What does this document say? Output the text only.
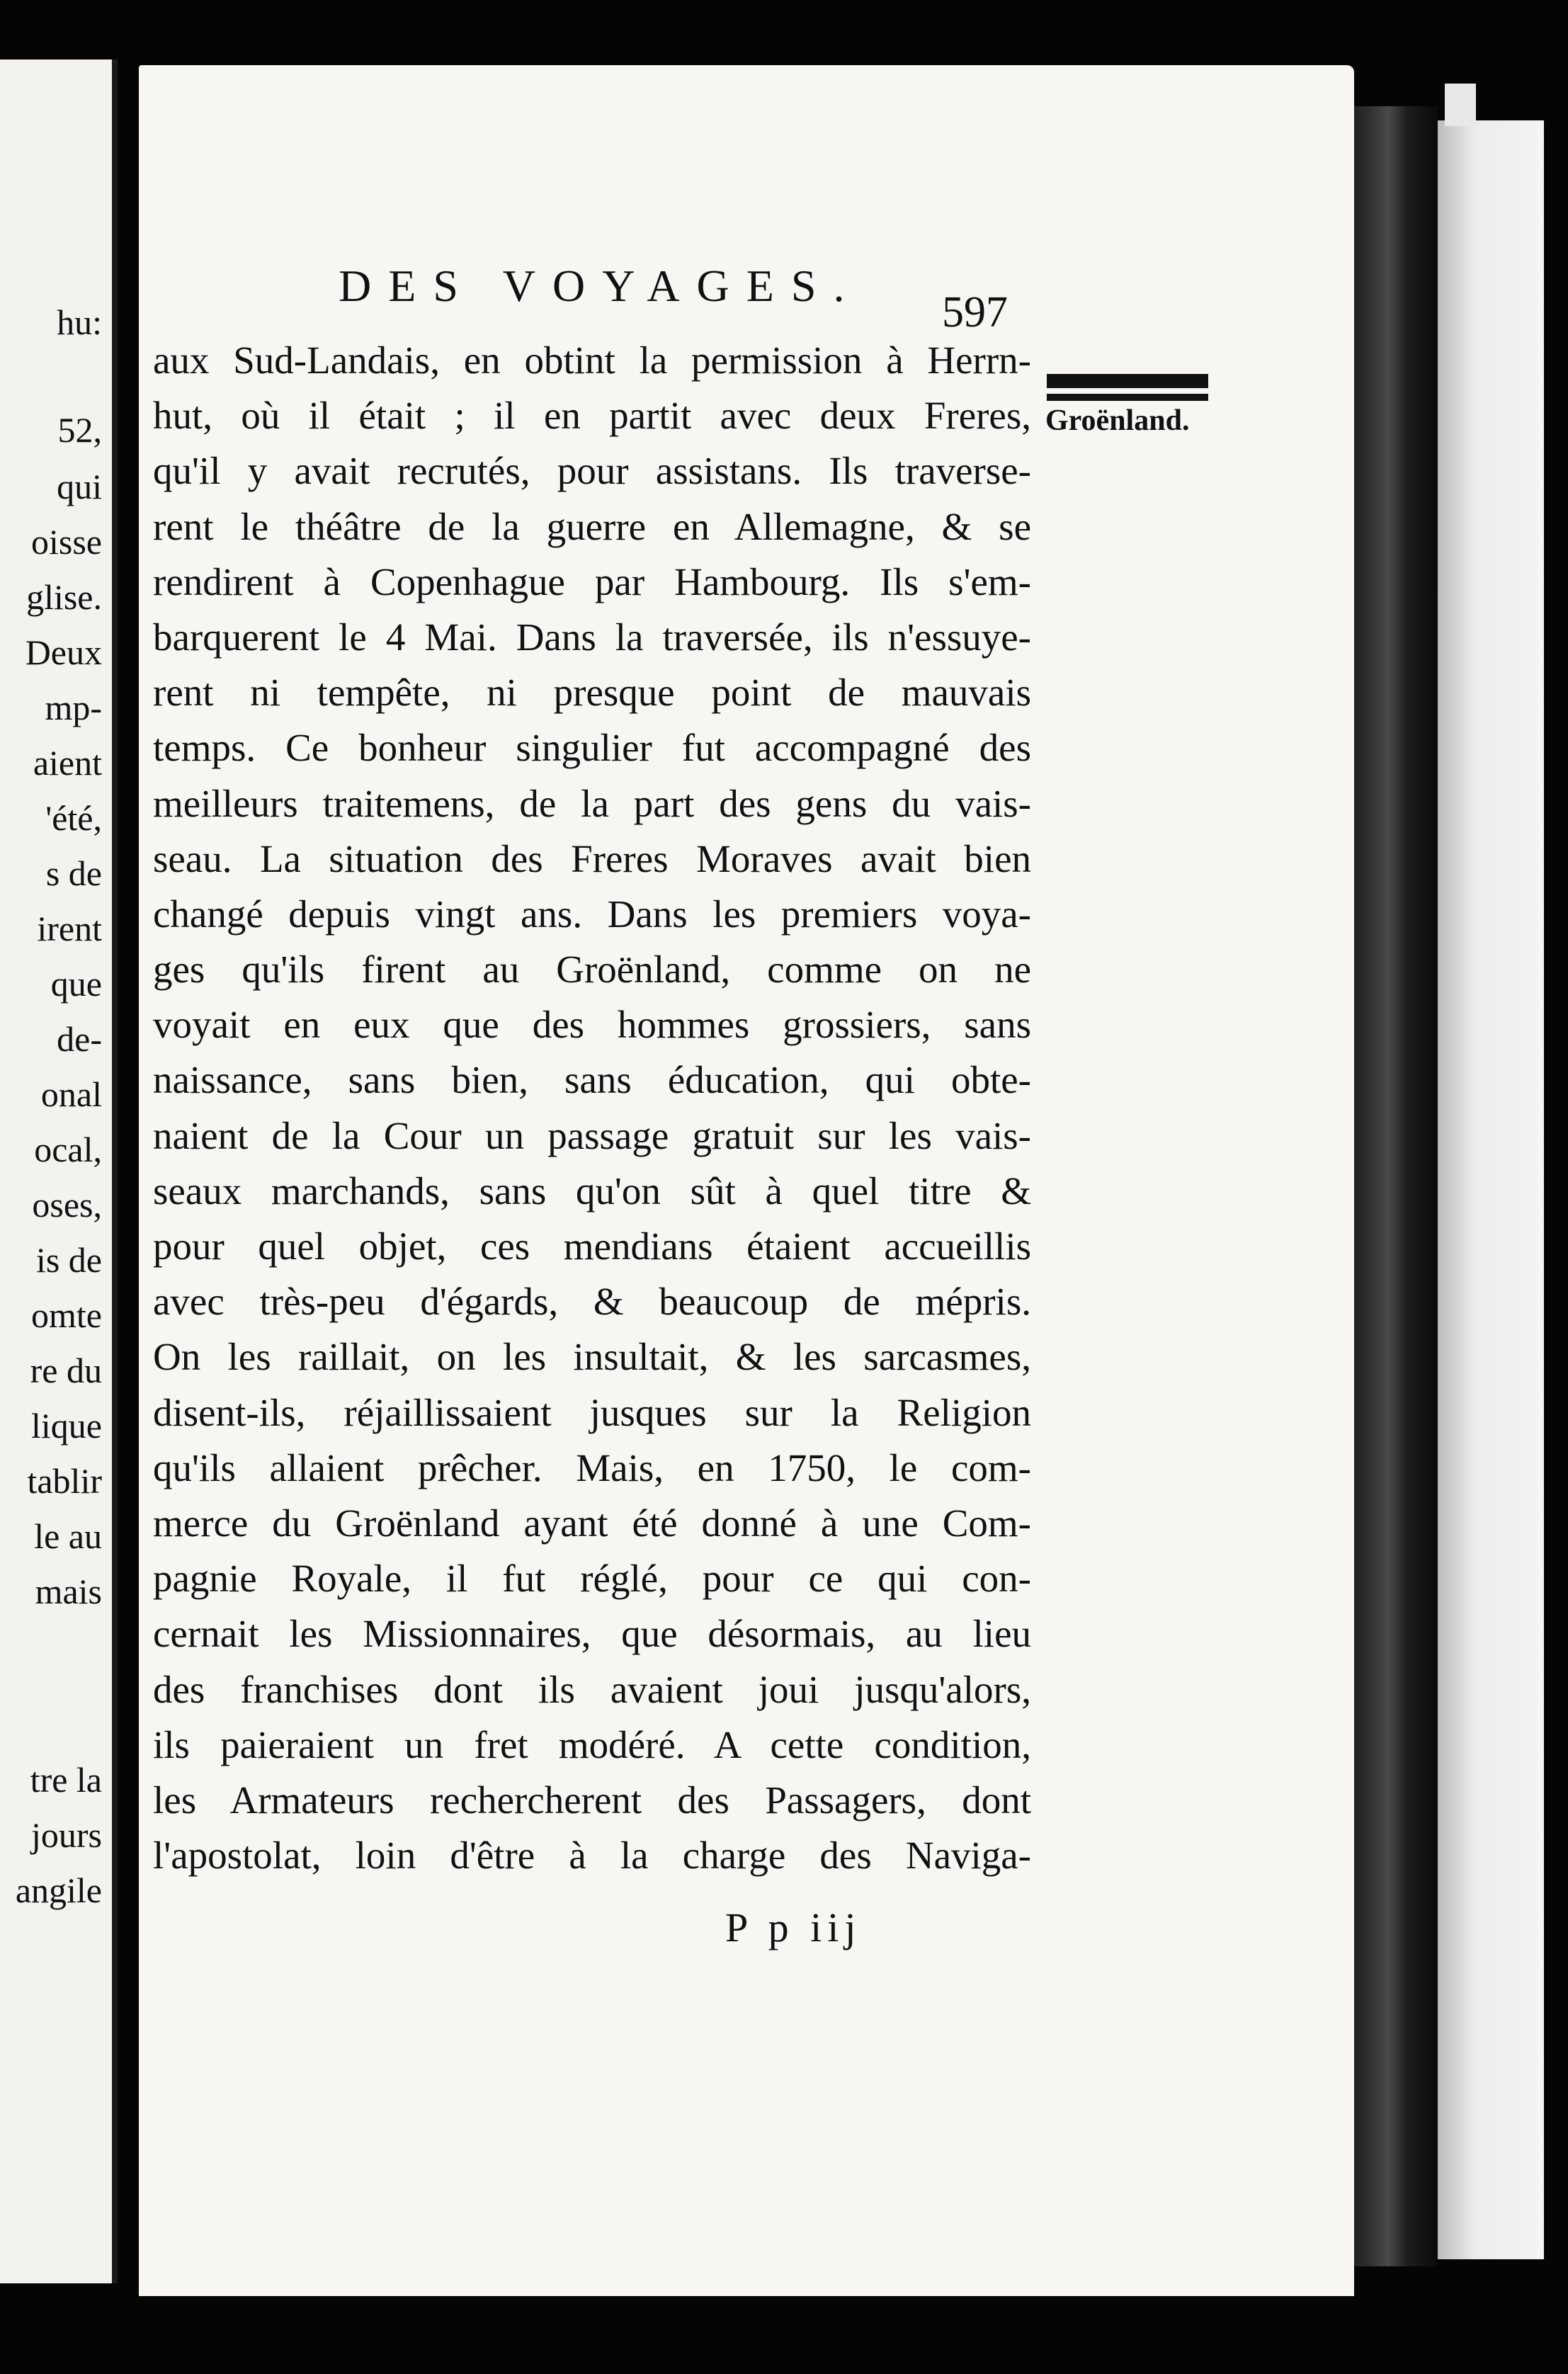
hu:
52,
qui
oisse
glise.
Deux
mp-
aient
'été,
s de
irent
que
de-
onal
ocal,
oses,
is de
omte
re du
lique
tablir
le au
mais
tre la
jours
angile
DES VOYAGES.
597
Groënland.
aux Sud-Landais, en obtint la permission à Herrn-
hut, où il était ; il en partit avec deux Freres,
qu'il y avait recrutés, pour assistans. Ils traverse-
rent le théâtre de la guerre en Allemagne, & se
rendirent à Copenhague par Hambourg. Ils s'em-
barquerent le 4 Mai. Dans la traversée, ils n'essuye-
rent ni tempête, ni presque point de mauvais
temps. Ce bonheur singulier fut accompagné des
meilleurs traitemens, de la part des gens du vais-
seau. La situation des Freres Moraves avait bien
changé depuis vingt ans. Dans les premiers voya-
ges qu'ils firent au Groënland, comme on ne
voyait en eux que des hommes grossiers, sans
naissance, sans bien, sans éducation, qui obte-
naient de la Cour un passage gratuit sur les vais-
seaux marchands, sans qu'on sût à quel titre &
pour quel objet, ces mendians étaient accueillis
avec très-peu d'égards, & beaucoup de mépris.
On les raillait, on les insultait, & les sarcasmes,
disent-ils, réjaillissaient jusques sur la Religion
qu'ils allaient prêcher. Mais, en 1750, le com-
merce du Groënland ayant été donné à une Com-
pagnie Royale, il fut réglé, pour ce qui con-
cernait les Missionnaires, que désormais, au lieu
des franchises dont ils avaient joui jusqu'alors,
ils paieraient un fret modéré. A cette condition,
les Armateurs rechercherent des Passagers, dont
l'apostolat, loin d'être à la charge des Naviga-
P p iij
